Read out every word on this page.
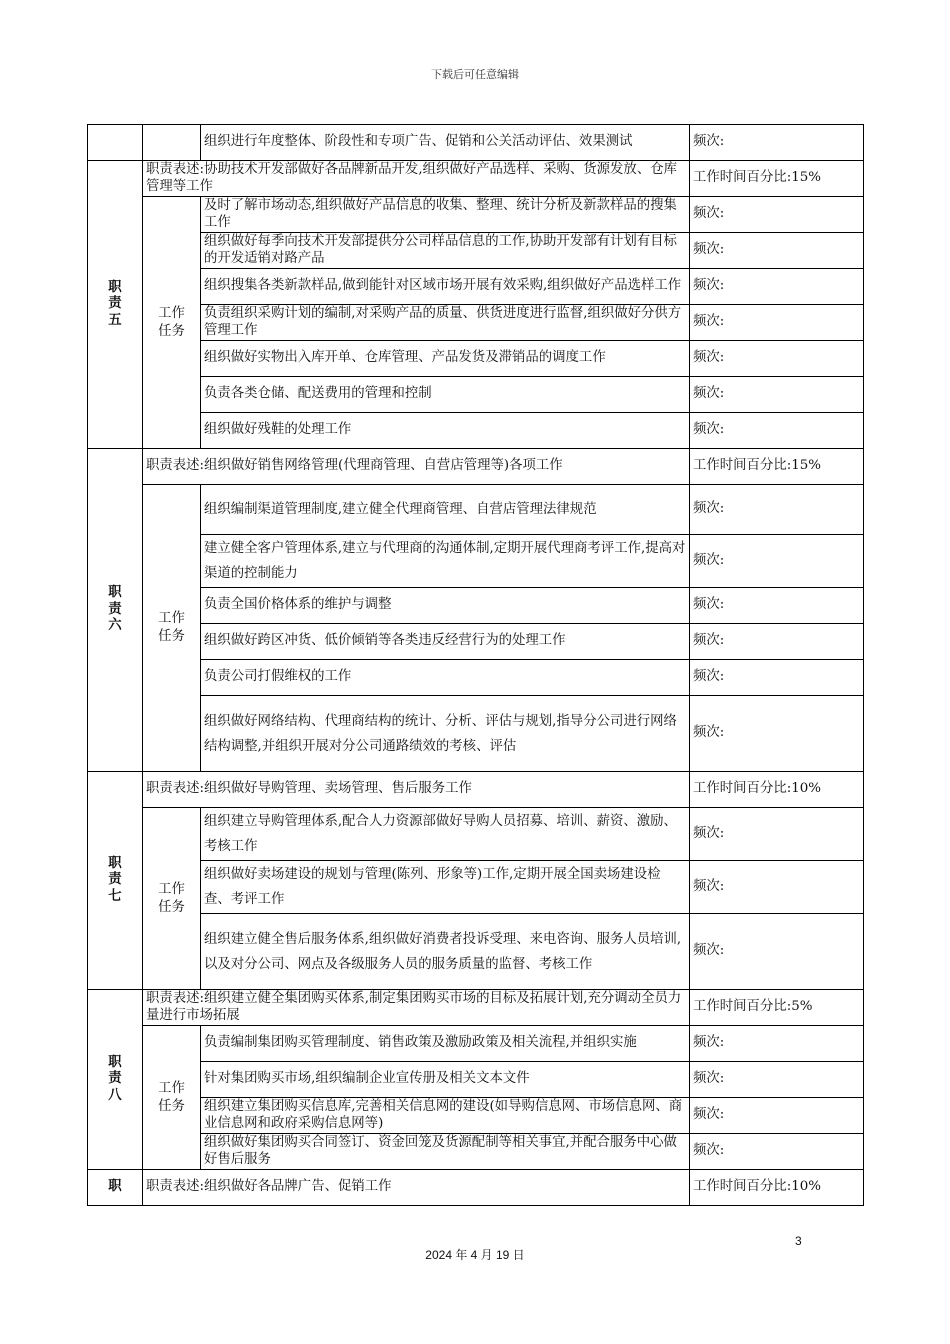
下载后可任意编辑
		组织进行年度整体、阶段性和专项广告、促销和公关活动评估、效果测试	频次:

职责五	职责表述:协助技术开发部做好各品牌新品开发,组织做好产品选样、采购、货源发放、仓库管理等工作		工作时间百分比:15%

	工作任务	及时了解市场动态,组织做好产品信息的收集、整理、统计分析及新款样品的搜集工作	频次:
		组织做好每季向技术开发部提供分公司样品信息的工作,协助开发部有计划有目标的开发适销对路产品	频次:
		组织搜集各类新款样品,做到能针对区域市场开展有效采购,组织做好产品选样工作	频次:
		负责组织采购计划的编制,对采购产品的质量、供货进度进行监督,组织做好分供方管理工作	频次:
		组织做好实物出入库开单、仓库管理、产品发货及滞销品的调度工作	频次:
		负责各类仓储、配送费用的管理和控制	频次:
		组织做好残鞋的处理工作	频次:

职责六	职责表述:组织做好销售网络管理(代理商管理、自营店管理等)各项工作		工作时间百分比:15%

	工作任务	组织编制渠道管理制度,建立健全代理商管理、自营店管理法律规范	频次:
		建立健全客户管理体系,建立与代理商的沟通体制,定期开展代理商考评工作,提高对渠道的控制能力	频次:
		负责全国价格体系的维护与调整	频次:
		组织做好跨区冲货、低价倾销等各类违反经营行为的处理工作	频次:
		负责公司打假维权的工作	频次:
		组织做好网络结构、代理商结构的统计、分析、评估与规划,指导分公司进行网络结构调整,并组织开展对分公司通路绩效的考核、评估	频次:

职责七	职责表述:组织做好导购管理、卖场管理、售后服务工作		工作时间百分比:10%

	工作任务	组织建立导购管理体系,配合人力资源部做好导购人员招募、培训、薪资、激励、考核工作	频次:
		组织做好卖场建设的规划与管理(陈列、形象等)工作,定期开展全国卖场建设检查、考评工作	频次:
		组织建立健全售后服务体系,组织做好消费者投诉受理、来电咨询、服务人员培训,以及对分公司、网点及各级服务人员的服务质量的监督、考核工作	频次:

职责八	职责表述:组织建立健全集团购买体系,制定集团购买市场的目标及拓展计划,充分调动全员力量进行市场拓展		工作时间百分比:5%

	工作任务	负责编制集团购买管理制度、销售政策及激励政策及相关流程,并组织实施	频次:
		针对集团购买市场,组织编制企业宣传册及相关文本文件	频次:
		组织建立集团购买信息库,完善相关信息网的建设(如导购信息网、市场信息网、商业信息网和政府采购信息网等)	频次:
		组织做好集团购买合同签订、资金回笼及货源配制等相关事宜,并配合服务中心做好售后服务	频次:

职	职责表述:组织做好各品牌广告、促销工作		工作时间百分比:10%
3
2024 年 4 月 19 日
